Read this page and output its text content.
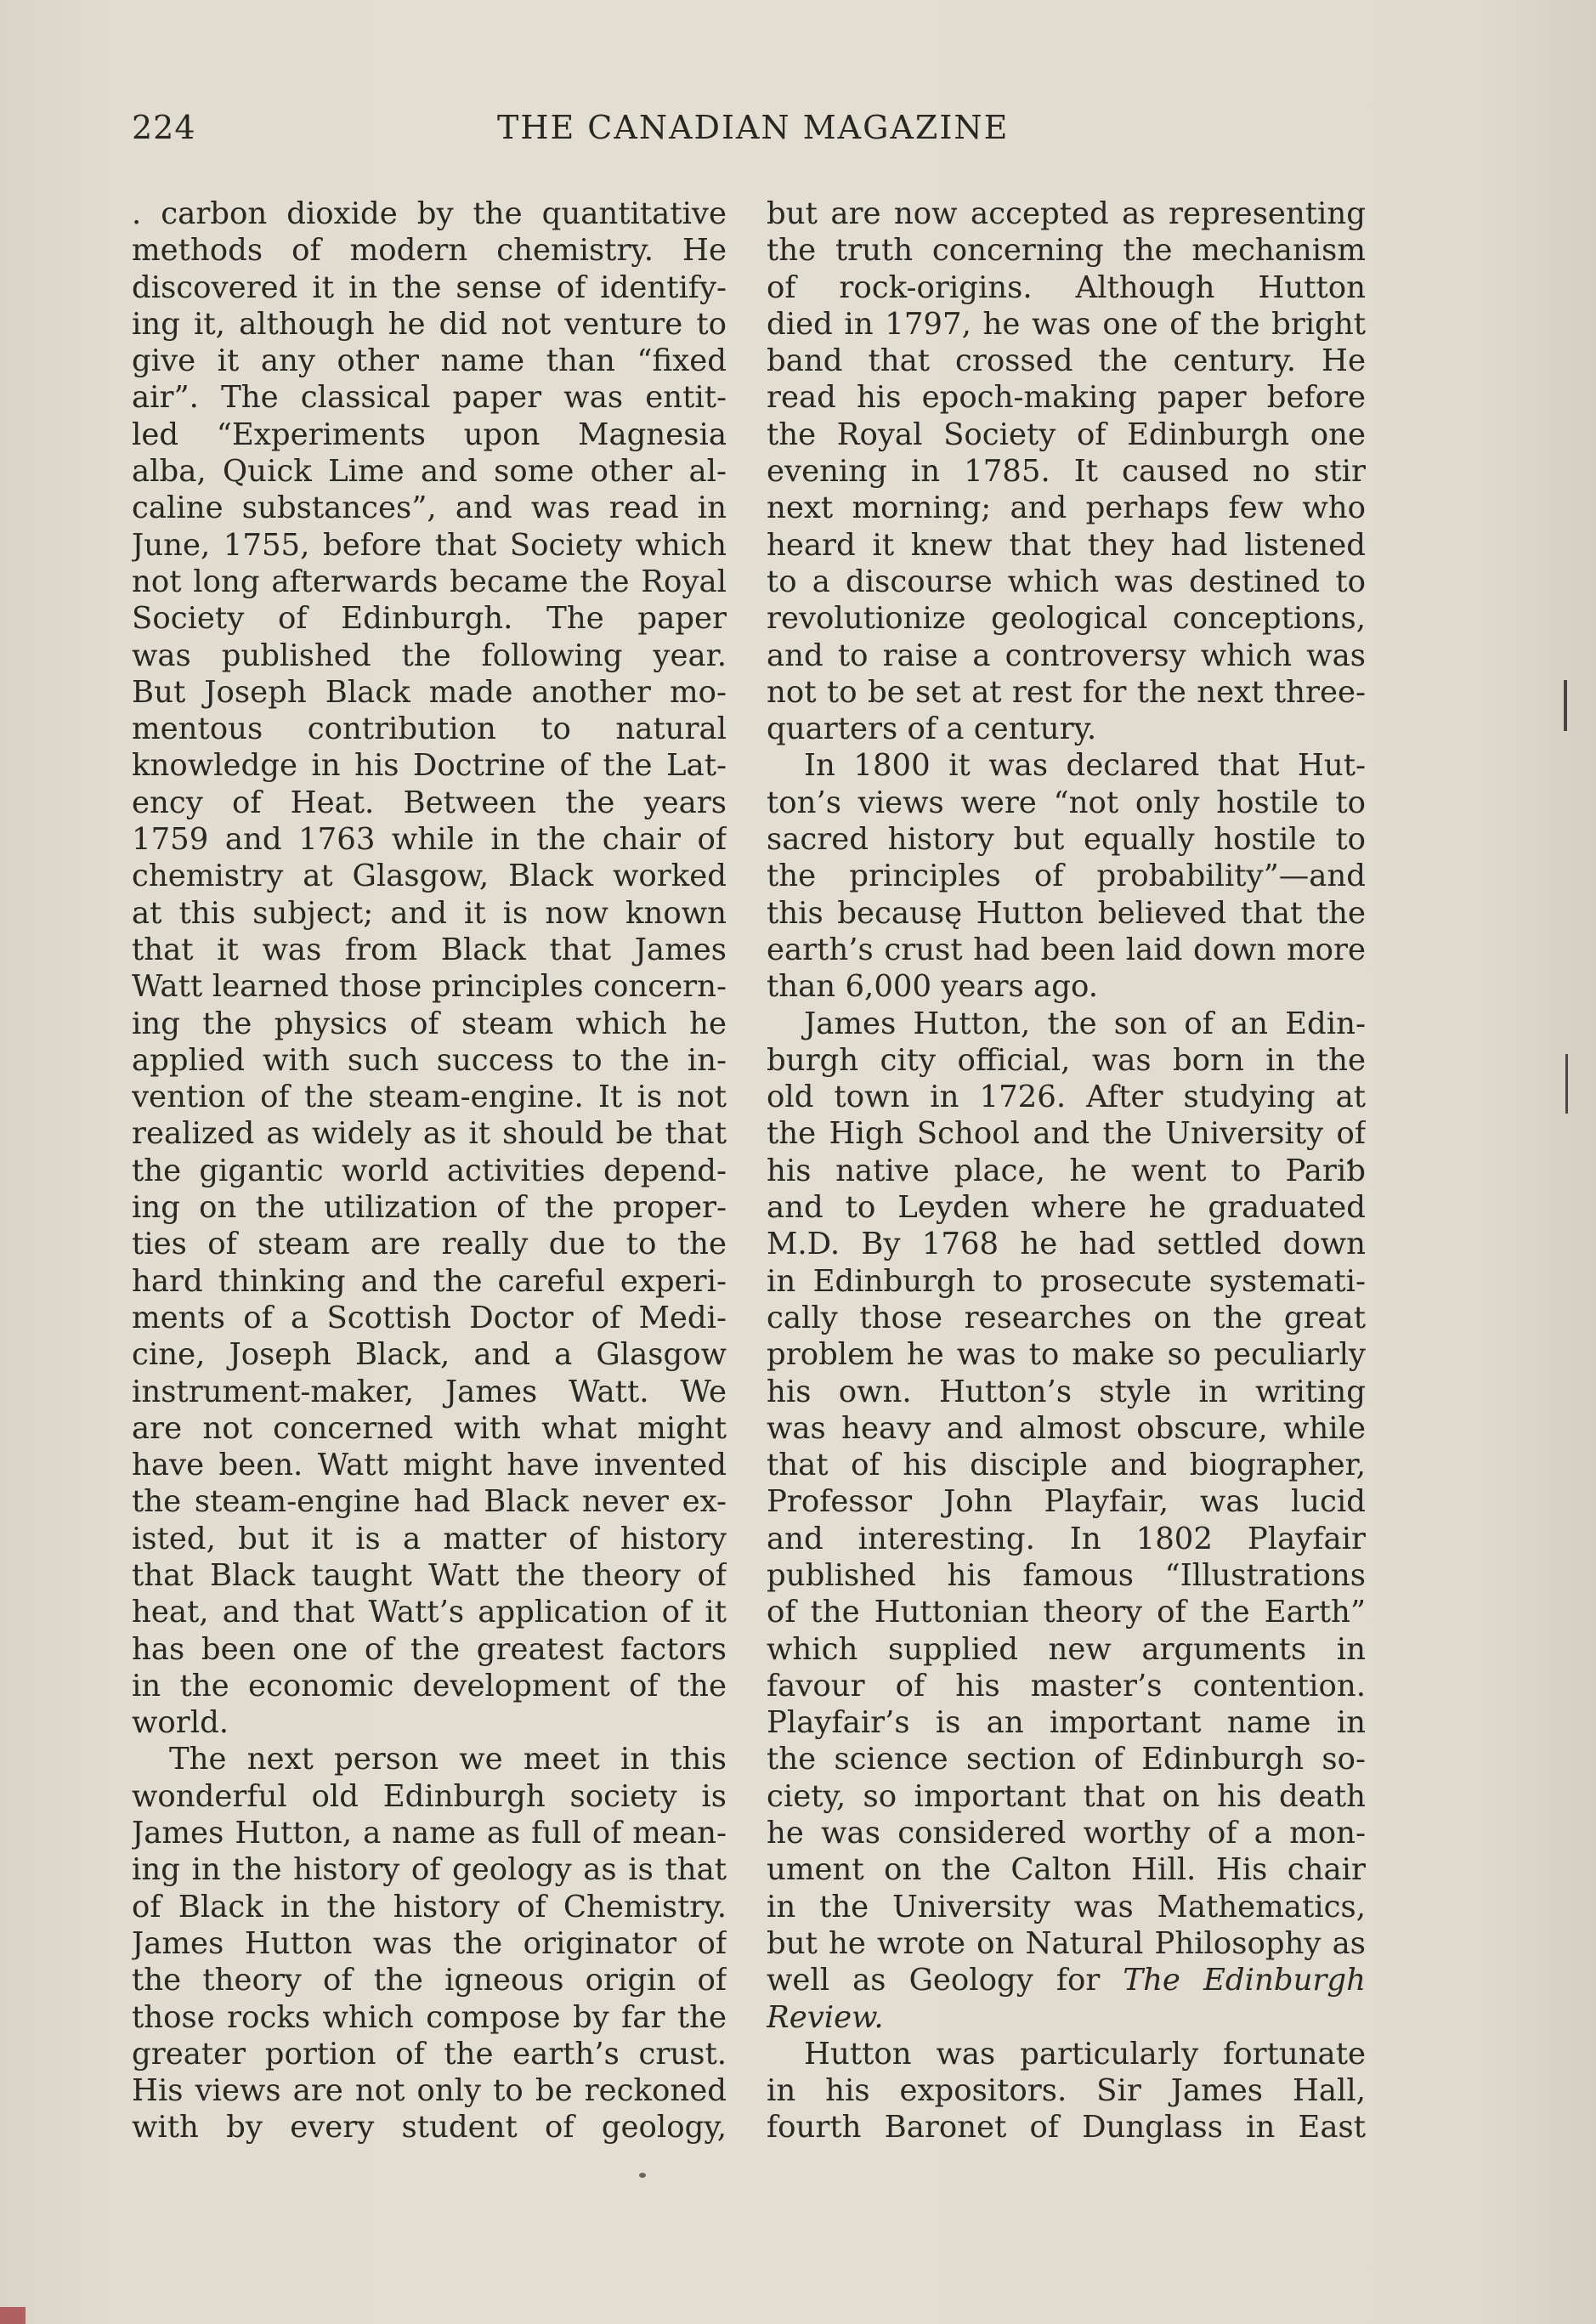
224	THE CANADIAN MAGAZINE
. carbon dioxide by the quantitative
methods of modern chemistry. He
discovered it in the sense of identify-
ing it, although he did not venture to
give it any other name than “fixed
air”. The classical paper was entit-
led “Experiments upon Magnesia
alba, Quick Lime and some other al-
caline substances”, and was read in
June, 1755, before that Society which
not long afterwards became the Royal
Society of Edinburgh. The paper
was published the following year.
But Joseph Black made another mo-
mentous contribution to natural
knowledge in his Doctrine of the Lat-
ency of Heat. Between the years
1759 and 1763 while in the chair of
chemistry at Glasgow, Black worked
at this subject; and it is now known
that it was from Black that James
Watt learned those principles concern-
ing the physics of steam which he
applied with such success to the in-
vention of the steam-engine. It is not
realized as widely as it should be that
the gigantic world activities depend-
ing on the utilization of the proper-
ties of steam are really due to the
hard thinking and the careful experi-
ments of a Scottish Doctor of Medi-
cine, Joseph Black, and a Glasgow
instrument-maker, James Watt. We
are not concerned with what might
have been. Watt might have invented
the steam-engine had Black never ex-
isted, but it is a matter of history
that Black taught Watt the theory of
heat, and that Watt’s application of it
has been one of the greatest factors
in the economic development of the
world.
The next person we meet in this
wonderful old Edinburgh society is
James Hutton, a name as full of mean-
ing in the history of geology as is that
of Black in the history of Chemistry.
James Hutton was the originator of
the theory of the igneous origin of
those rocks which compose by far the
greater portion of the earth’s crust.
His views are not only to be reckoned
with by every student of geology,
but are now accepted as representing
the truth concerning the mechanism
of rock-origins. Although Hutton
died in 1797, he was one of the bright
band that crossed the century. He
read his epoch-making paper before
the Royal Society of Edinburgh one
evening in 1785. It caused no stir
next morning; and perhaps few who
heard it knew that they had listened
to a discourse which was destined to
revolutionize geological conceptions,
and to raise a controversy which was
not to be set at rest for the next three-
quarters of a century.
In 1800 it was declared that Hut-
ton’s views were “not only hostile to
sacred history but equally hostile to
the principles of probability”—and
this becausę Hutton believed that the
earth’s crust had been laid down more
than 6,000 years ago.
James Hutton, the son of an Edin-
burgh city official, was born in the
old town in 1726. After studying at
the High School and the University of
his native place, he went to Pariƅ
and to Leyden where he graduated
M.D. By 1768 he had settled down
in Edinburgh to prosecute systemati-
cally those researches on the great
problem he was to make so peculiarly
his own. Hutton’s style in writing
was heavy and almost obscure, while
that of his disciple and biographer,
Professor John Playfair, was lucid
and interesting. In 1802 Playfair
published his famous “Illustrations
of the Huttonian theory of the Earth”
which supplied new arguments in
favour of his master’s contention.
Playfair’s is an important name in
the science section of Edinburgh so-
ciety, so important that on his death
he was considered worthy of a mon-
ument on the Calton Hill. His chair
in the University was Mathematics,
but he wrote on Natural Philosophy as
well as Geology for The Edinburgh
Review.
Hutton was particularly fortunate
in his expositors. Sir James Hall,
fourth Baronet of Dunglass in East
